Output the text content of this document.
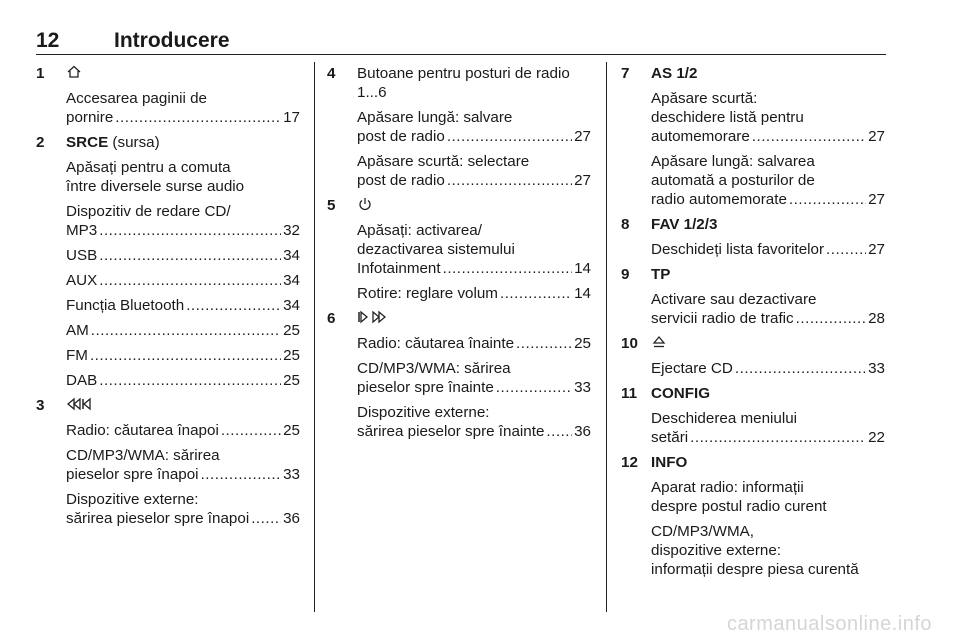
12	Introducere
1
Accesarea paginii de
pornire .....	17
2 SRCE (sursa)
Apăsați pentru a comuta
între diversele surse audio
Dispozitiv de redare CD/
MP3 .....	32
USB .....	34
AUX .....	34
Funcția Bluetooth .....	34
AM .....	25
FM .....	25
DAB .....	25
3
Radio: căutarea înapoi .....	25
CD/MP3/WMA: sărirea
pieselor spre înapoi .....	33
Dispozitive externe:
sărirea pieselor spre înapoi ..... 36
4 Butoane pentru posturi de radio 1...6
Apăsare lungă: salvare
post de radio .....	27
Apăsare scurtă: selectare
post de radio .....	27
5
Apăsați: activarea/
dezactivarea sistemului
Infotainment .....	14
Rotire: reglare volum .....	14
6
Radio: căutarea înainte .....	25
CD/MP3/WMA: sărirea
pieselor spre înainte .....	33
Dispozitive externe:
sărirea pieselor spre înainte ..... 36
7 AS 1/2
Apăsare scurtă:
deschidere listă pentru
automemorare .....	27
Apăsare lungă: salvarea
automată a posturilor de
radio automemorate .....	27
8 FAV 1/2/3
Deschideți lista favoritelor .....	27
9 TP
Activare sau dezactivare
servicii radio de trafic .....	28
10
Ejectare CD .....	33
11 CONFIG
Deschiderea meniului
setări .....	22
12 INFO
Aparat radio: informații
despre postul radio curent
CD/MP3/WMA,
dispozitive externe:
informații despre piesa curentă
carmanualsonline.info
